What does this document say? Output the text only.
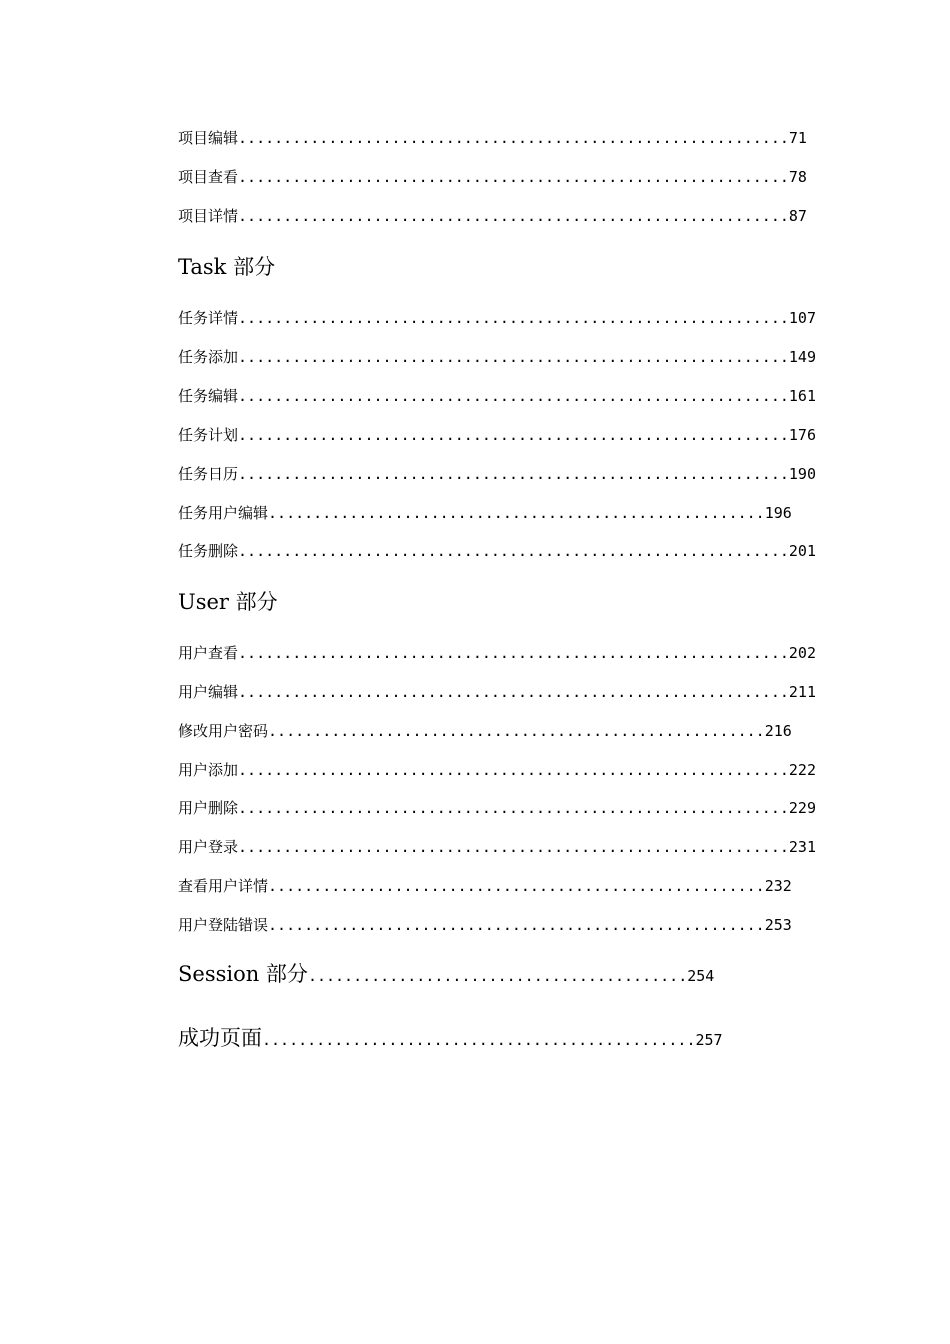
项目编辑.............................................................71
项目查看.............................................................78
项目详情.............................................................87
Task 部分
任务详情.............................................................107
任务添加.............................................................149
任务编辑.............................................................161
任务计划.............................................................176
任务日历.............................................................190
任务用户编辑.......................................................196
任务删除.............................................................201
User 部分
用户查看.............................................................202
用户编辑.............................................................211
修改用户密码.......................................................216
用户添加.............................................................222
用户删除.............................................................229
用户登录.............................................................231
查看用户详情.......................................................232
用户登陆错误.......................................................253
Session 部分..........................................254
成功页面................................................257
